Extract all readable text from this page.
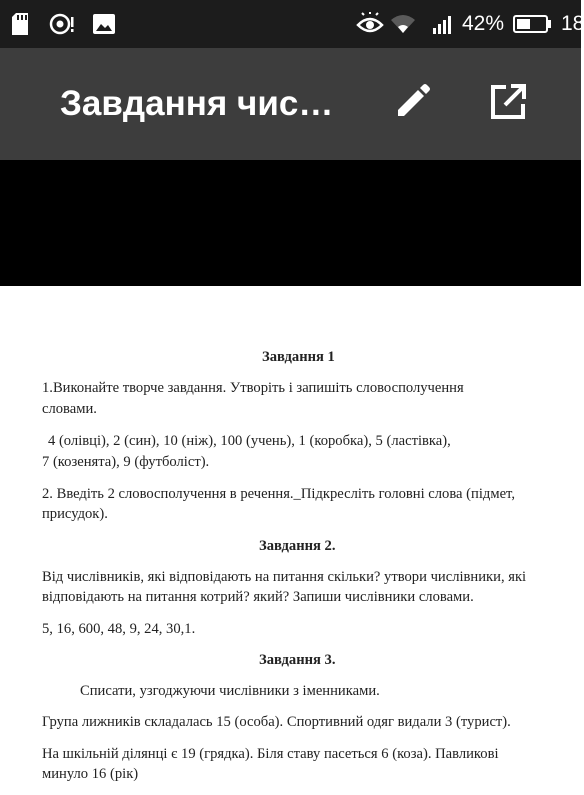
42%	18
Завдання чис…
Завдання 1
1.Виконайте творче завдання. Утворіть і запишіть словосполучення
словами.
4 (олівці), 2 (син), 10 (ніж), 100 (учень), 1 (коробка), 5 (ластівка),
7 (козенята), 9 (футболіст).
2. Введіть 2 словосполучення в речення._Підкресліть головні слова (підмет,
присудок).
Завдання 2.
Від числівників, які відповідають на питання скільки? утвори числівники, які
відповідають на питання котрий? який? Запиши числівники словами.
5, 16, 600, 48, 9, 24, 30,1.
Завдання 3.
Списати, узгоджуючи числівники з іменниками.
Група лижників складалась 15 (особа). Спортивний одяг видали 3 (турист).
На шкільній ділянці є 19 (грядка). Біля ставу пасеться 6 (коза). Павликові
минуло 16 (рік)
